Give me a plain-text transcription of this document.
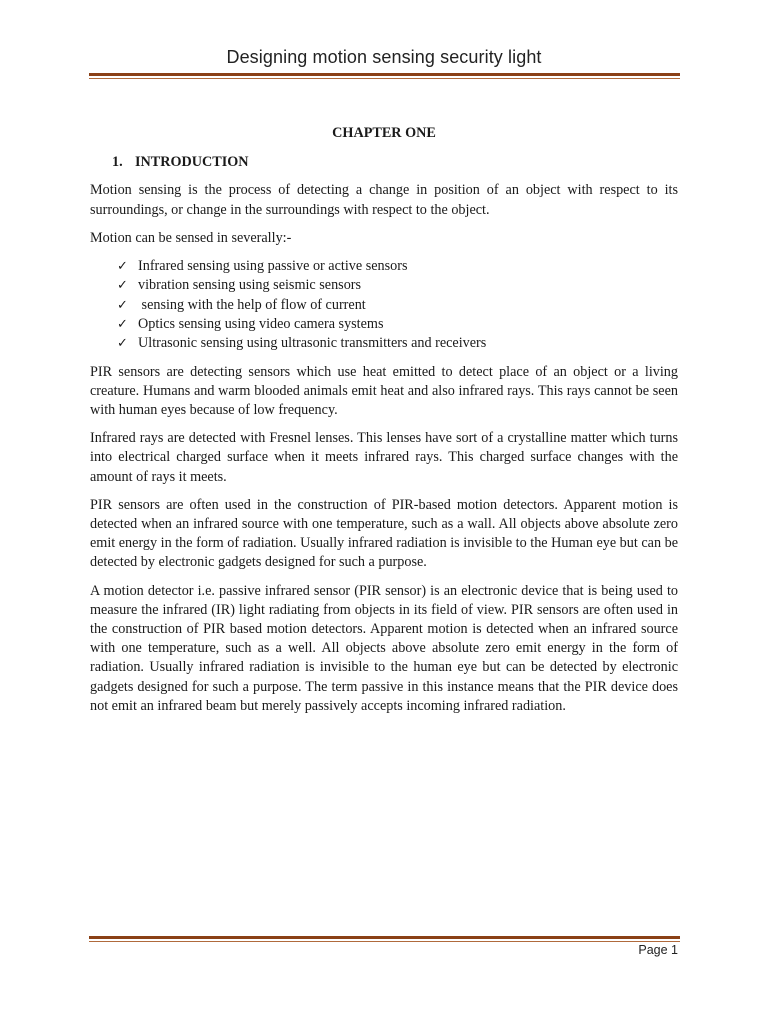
Designing motion sensing security light
CHAPTER ONE
1. INTRODUCTION

Motion sensing is the process of detecting a change in position of an object with respect to its surroundings, or change in the surroundings with respect to the object.

Motion can be sensed in severally:-

✓ Infrared sensing using passive or active sensors
✓ vibration sensing using seismic sensors
✓ sensing with the help of flow of current
✓ Optics sensing using video camera systems
✓ Ultrasonic sensing using ultrasonic transmitters and receivers

PIR sensors are detecting sensors which use heat emitted to detect place of an object or a living creature. Humans and warm blooded animals emit heat and also infrared rays. This rays cannot be seen with human eyes because of low frequency.

Infrared rays are detected with Fresnel lenses. This lenses have sort of a crystalline matter which turns into electrical charged surface when it meets infrared rays. This charged surface changes with the amount of rays it meets.

PIR sensors are often used in the construction of PIR-based motion detectors. Apparent motion is detected when an infrared source with one temperature, such as a wall. All objects above absolute zero emit energy in the form of radiation. Usually infrared radiation is invisible to the Human eye but can be detected by electronic gadgets designed for such a purpose.

A motion detector i.e. passive infrared sensor (PIR sensor) is an electronic device that is being used to measure the infrared (IR) light radiating from objects in its field of view. PIR sensors are often used in the construction of PIR based motion detectors. Apparent motion is detected when an infrared source with one temperature, such as a well. All objects above absolute zero emit energy in the form of radiation. Usually infrared radiation is invisible to the human eye but can be detected by electronic gadgets designed for such a purpose. The term passive in this instance means that the PIR device does not emit an infrared beam but merely passively accepts incoming infrared radiation.

Page 1
